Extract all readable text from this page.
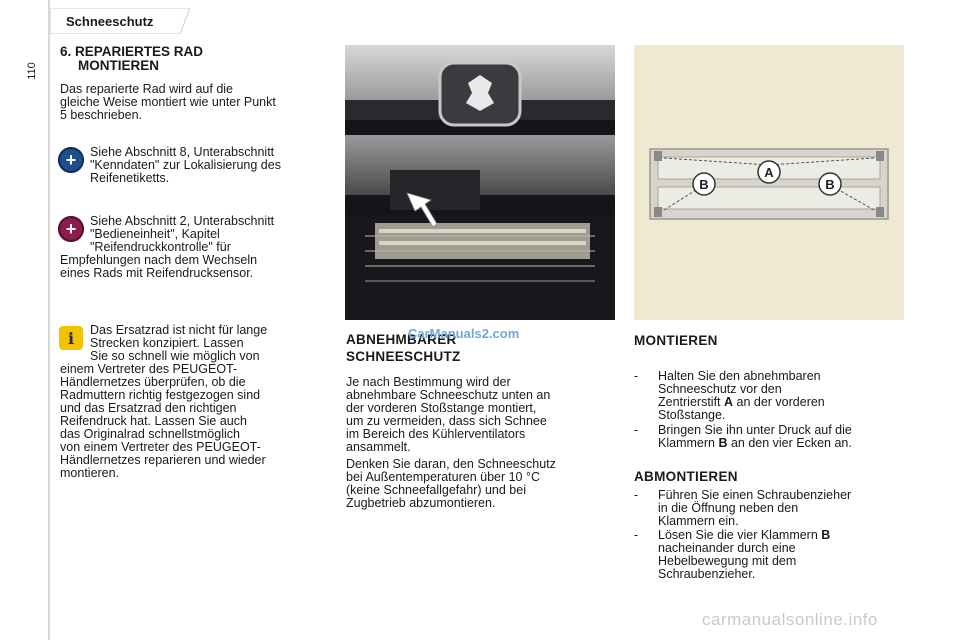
110
Schneeschutz
6. REPARIERTES RAD
MONTIEREN
Das reparierte Rad wird auf die
gleiche Weise montiert wie unter Punkt
5 beschrieben.
+	Siehe Abschnitt 8, Unterabschnitt
"Kenndaten" zur Lokalisierung des
Reifenetiketts.
+	Siehe Abschnitt 2, Unterabschnitt
"Bedieneinheit", Kapitel
"Reifendruckkontrolle" für
Empfehlungen nach dem Wechseln
eines Rads mit Reifendrucksensor.
i	Das Ersatzrad ist nicht für lange
Strecken konzipiert. Lassen
Sie so schnell wie möglich von
einem Vertreter des PEUGEOT-
Händlernetzes überprüfen, ob die
Radmuttern richtig festgezogen sind
und das Ersatzrad den richtigen
Reifendruck hat. Lassen Sie auch
das Originalrad schnellstmöglich
von einem Vertreter des PEUGEOT-
Händlernetzes reparieren und wieder
montieren.
A
B	B
ABNEHMBARER
SCHNEESCHUTZ
CarManuals2.com
Je nach Bestimmung wird der
abnehmbare Schneeschutz unten an
der vorderen Stoßstange montiert,
um zu vermeiden, dass sich Schnee
im Bereich des Kühlerventilators
ansammelt.
Denken Sie daran, den Schneeschutz
bei Außentemperaturen über 10 °C
(keine Schneefallgefahr) und bei
Zugbetrieb abzumontieren.
MONTIEREN
- Halten Sie den abnehmbaren
Schneeschutz vor den
Zentrierstift A an der vorderen
Stoßstange.
- Bringen Sie ihn unter Druck auf die
Klammern B an den vier Ecken an.
ABMONTIEREN
- Führen Sie einen Schraubenzieher
in die Öffnung neben den
Klammern ein.
- Lösen Sie die vier Klammern B
nacheinander durch eine
Hebelbewegung mit dem
Schraubenzieher.
carmanualsonline.info
